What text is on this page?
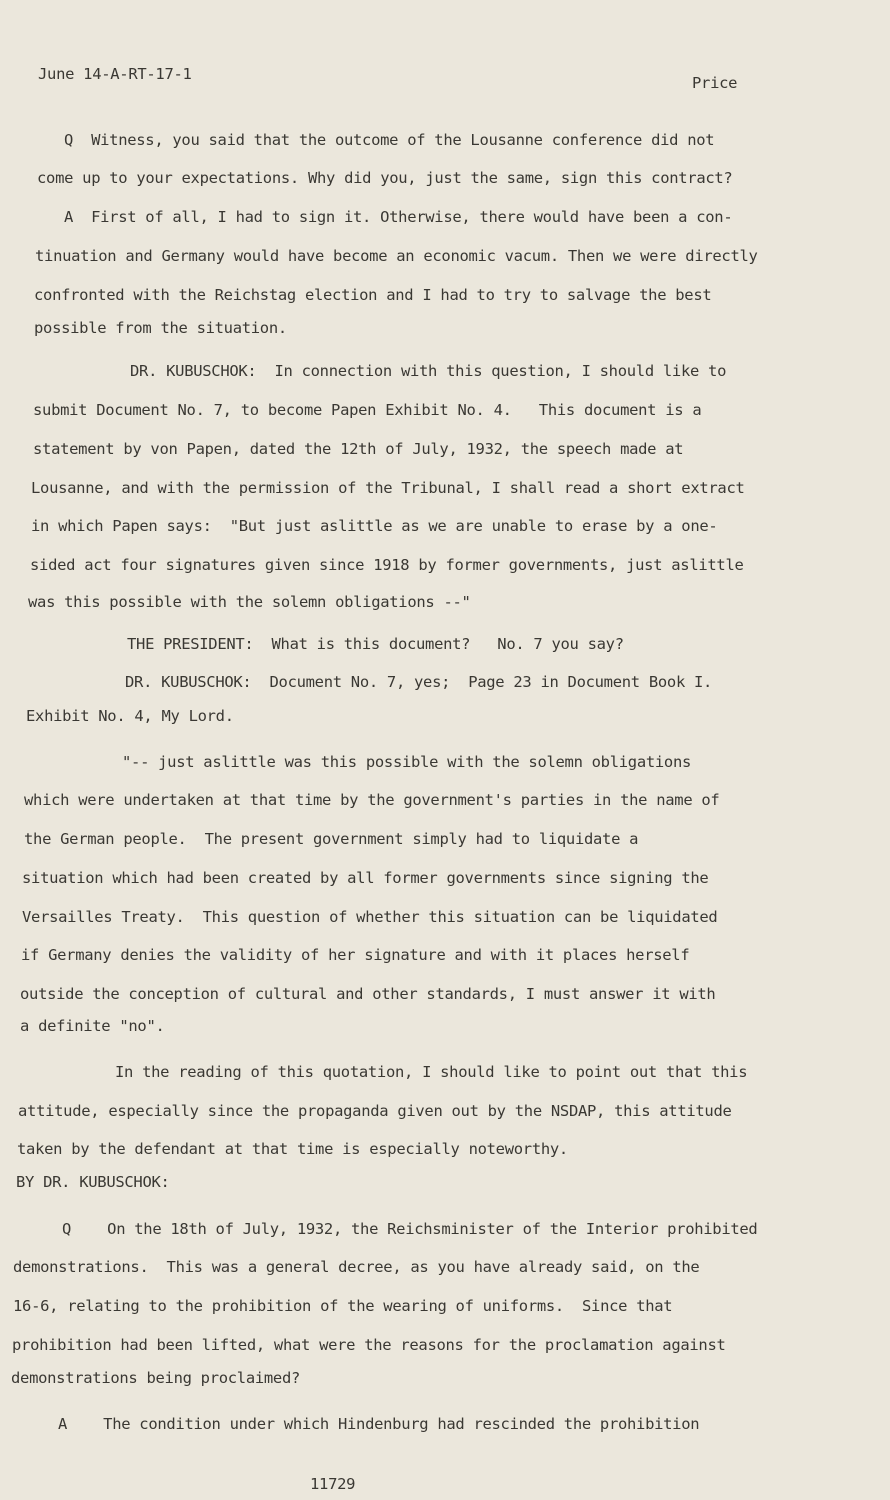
June 14-A-RT-17-1	Price
Q  Witness, you said that the outcome of the Lousanne conference did not
come up to your expectations. Why did you, just the same, sign this contract?
A  First of all, I had to sign it. Otherwise, there would have been a con-
tinuation and Germany would have become an economic vacum. Then we were directly
confronted with the Reichstag election and I had to try to salvage the best
possible from the situation.
DR. KUBUSCHOK:  In connection with this question, I should like to
submit Document No. 7, to become Papen Exhibit No. 4.   This document is a
statement by von Papen, dated the 12th of July, 1932, the speech made at
Lousanne, and with the permission of the Tribunal, I shall read a short extract
in which Papen says:  "But just aslittle as we are unable to erase by a one-
sided act four signatures given since 1918 by former governments, just aslittle
was this possible with the solemn obligations --"
THE PRESIDENT:  What is this document?   No. 7 you say?
DR. KUBUSCHOK:  Document No. 7, yes;  Page 23 in Document Book I.
Exhibit No. 4, My Lord.
"-- just aslittle was this possible with the solemn obligations
which were undertaken at that time by the government's parties in the name of
the German people.  The present government simply had to liquidate a
situation which had been created by all former governments since signing the
Versailles Treaty.  This question of whether this situation can be liquidated
if Germany denies the validity of her signature and with it places herself
outside the conception of cultural and other standards, I must answer it with
a definite "no".
In the reading of this quotation, I should like to point out that this
attitude, especially since the propaganda given out by the NSDAP, this attitude
taken by the defendant at that time is especially noteworthy.
BY DR. KUBUSCHOK:
Q    On the 18th of July, 1932, the Reichsminister of the Interior prohibited
demonstrations.  This was a general decree, as you have already said, on the
16-6, relating to the prohibition of the wearing of uniforms.  Since that
prohibition had been lifted, what were the reasons for the proclamation against
demonstrations being proclaimed?
A    The condition under which Hindenburg had rescinded the prohibition
11729
